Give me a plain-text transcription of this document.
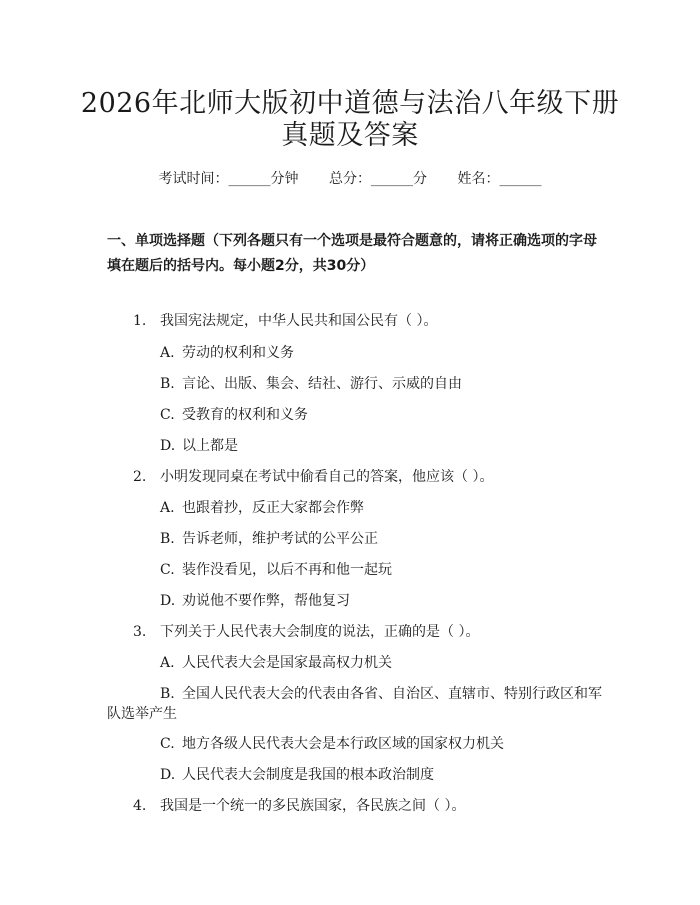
2026年北师大版初中道德与法治八年级下册
真题及答案
考试时间：______分钟 总分：______分 姓名：______
一、单项选择题（下列各题只有一个选项是最符合题意的，请将正确选项的字母
填在题后的括号内。每小题2分，共30分）
1. 我国宪法规定，中华人民共和国公民有（ ）。
A. 劳动的权利和义务
B. 言论、出版、集会、结社、游行、示威的自由
C. 受教育的权利和义务
D. 以上都是
2. 小明发现同桌在考试中偷看自己的答案，他应该（ ）。
A. 也跟着抄，反正大家都会作弊
B. 告诉老师，维护考试的公平公正
C. 装作没看见，以后不再和他一起玩
D. 劝说他不要作弊，帮他复习
3. 下列关于人民代表大会制度的说法，正确的是（ ）。
A. 人民代表大会是国家最高权力机关
B. 全国人民代表大会的代表由各省、自治区、直辖市、特别行政区和军
队选举产生
C. 地方各级人民代表大会是本行政区域的国家权力机关
D. 人民代表大会制度是我国的根本政治制度
4. 我国是一个统一的多民族国家，各民族之间（ ）。
